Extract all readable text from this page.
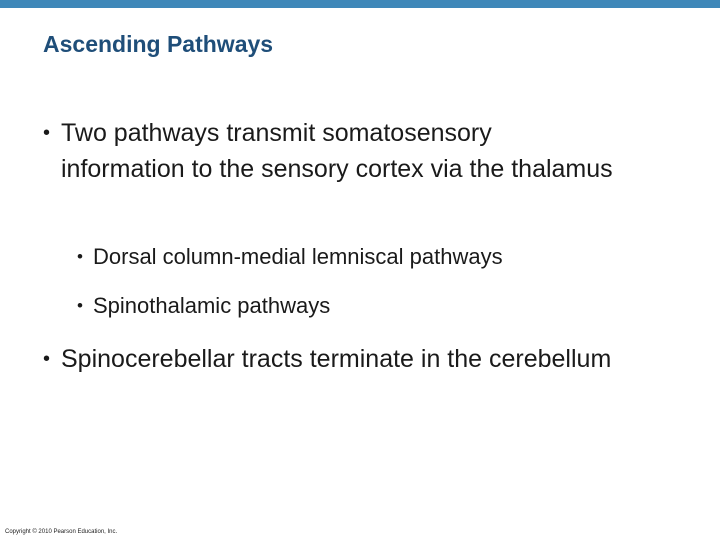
Ascending Pathways
• Two pathways transmit somatosensory information to the sensory cortex via the thalamus
• Dorsal column-medial lemniscal pathways
• Spinothalamic pathways
• Spinocerebellar tracts terminate in the cerebellum
Copyright © 2010 Pearson Education, Inc.
